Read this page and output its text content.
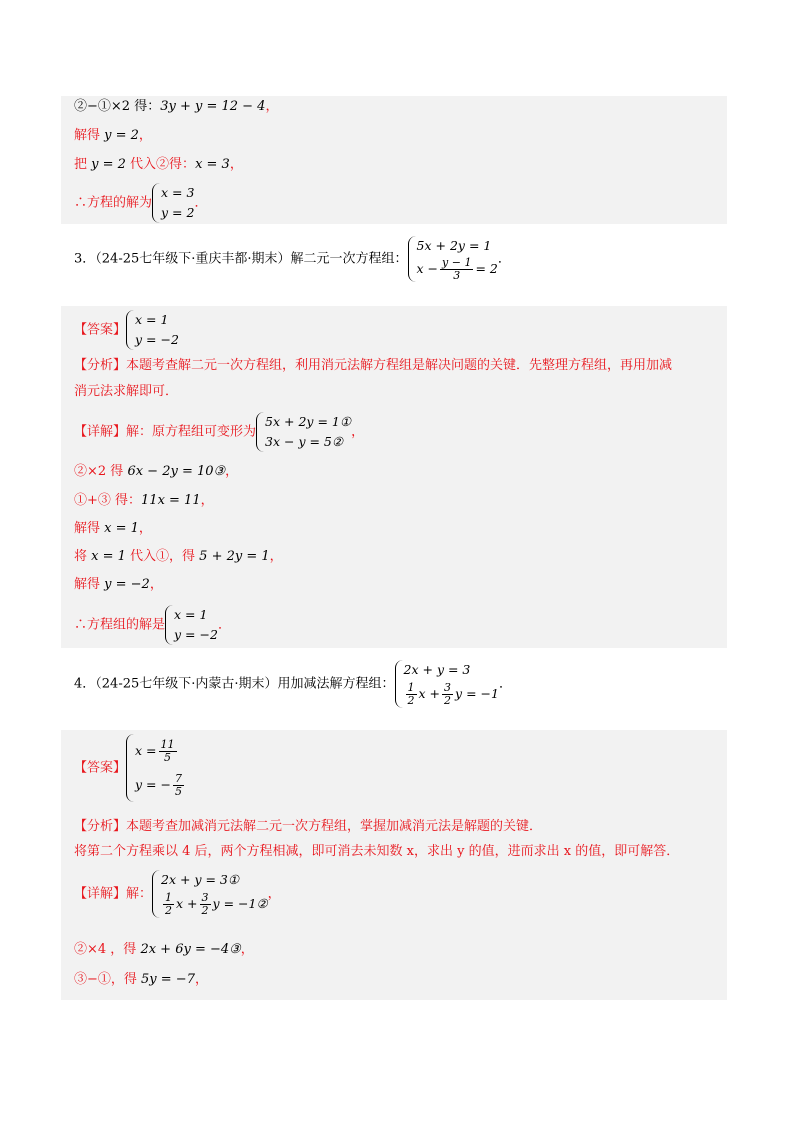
②−①×2 得：3y + y = 12 − 4，
解得 y = 2，
把 y = 2 代入②得：x = 3，
∴方程的解为
x = 3
y = 2
．
3．（24-25七年级下·重庆丰都·期末）解二元一次方程组：
5x + 2y = 1
$x - \frac{y - 1}{3} = 2$
．
【答案】
x = 1
y = −2
【分析】本题考查解二元一次方程组，利用消元法解方程组是解决问题的关键．先整理方程组，再用加减
消元法求解即可．
【详解】解：原方程组可变形为
5x + 2y = 1①
3x − y = 5②
，
②×2 得 6x − 2y = 10③，
①+③ 得：11x = 11，
解得 x = 1，
将 x = 1 代入①，得 5 + 2y = 1，
解得 y = −2，
∴方程组的解是
x = 1
y = −2
．
4．（24-25七年级下·内蒙古·期末）用加减法解方程组：
2x + y = 3
$\frac{1}{2}$ $x + \frac{3}{2}$ y = −1
．
【答案】
$x = \frac{11}{5}$
y = − $\frac{7}{5}$
【分析】本题考查加减消元法解二元一次方程组，掌握加减消元法是解题的关键．
将第二个方程乘以 4 后，两个方程相减，即可消去未知数 x，求出 y 的值，进而求出 x 的值，即可解答．
【详解】解：
2x + y = 3①
$\frac{1}{2}$ $x + \frac{3}{2}$ y = −1②
，
②×4 ，得 2x + 6y = −4③，
③−①，得 5y = −7，
